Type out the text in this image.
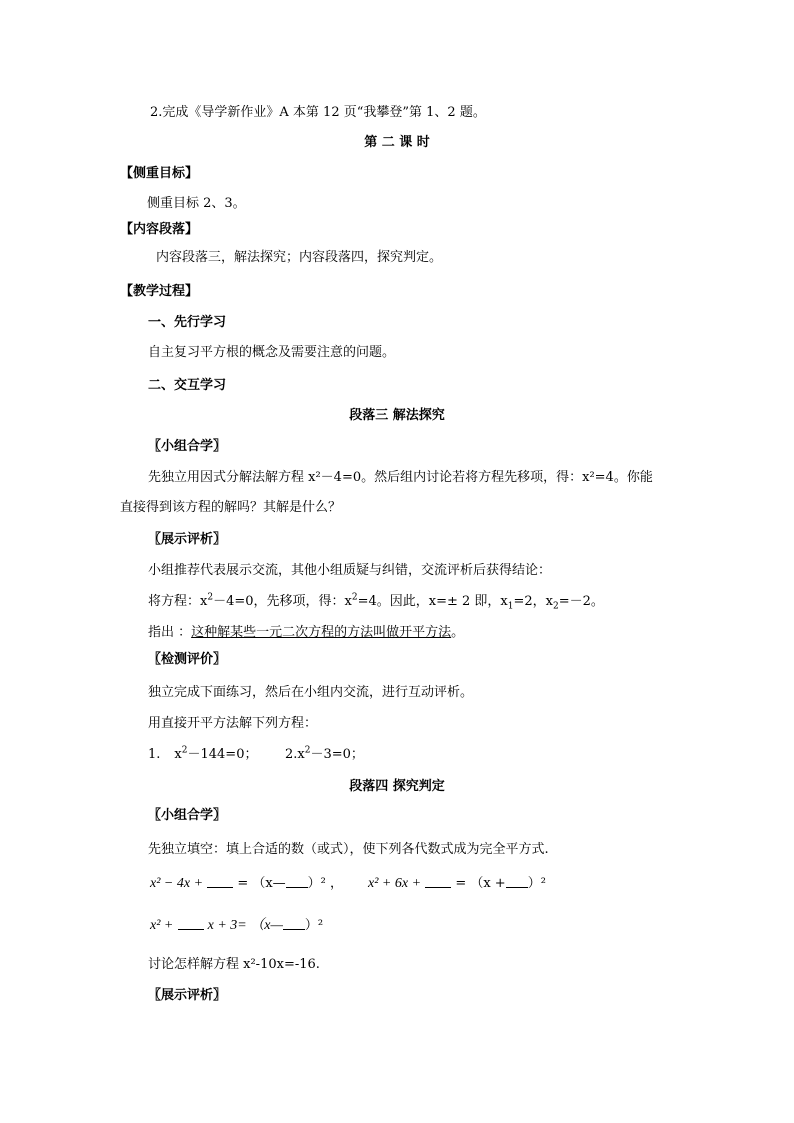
2.完成《导学新作业》A 本第 12 页“我攀登”第 1、2 题。
第 二 课 时
【侧重目标】
侧重目标 2、3。
【内容段落】
内容段落三，解法探究；内容段落四，探究判定。
【教学过程】
一、先行学习
自主复习平方根的概念及需要注意的问题。
二、交互学习
段落三 解法探究
〖小组合学〗
先独立用因式分解法解方程 x²－4=0。然后组内讨论若将方程先移项，得：x²=4。你能
直接得到该方程的解吗？其解是什么？
〖展示评析〗
小组推荐代表展示交流，其他小组质疑与纠错，交流评析后获得结论：
将方程：$x^2-4=0$，先移项，得：$x^2=4$。因此，x=± 2 即，$x_1=2$，$x_2=-2$。
指出 ：这种解某些一元二次方程的方法叫做开平方法。
〖检测评价〗
独立完成下面练习，然后在小组内交流，进行互动评析。
用直接开平方法解下列方程：
1. $x^2-144=0$； $2.x^2-3=0$；
段落四 探究判定
〖小组合学〗
先独立填空：填上合适的数（或式），使下列各代数式成为完全平方式.
x² − 4x +	= （x— ）² ， x² + 6x +	= （x + ）²
x² + x + 3= （x— ）²
讨论怎样解方程 x²-10x=-16.
〖展示评析〗
